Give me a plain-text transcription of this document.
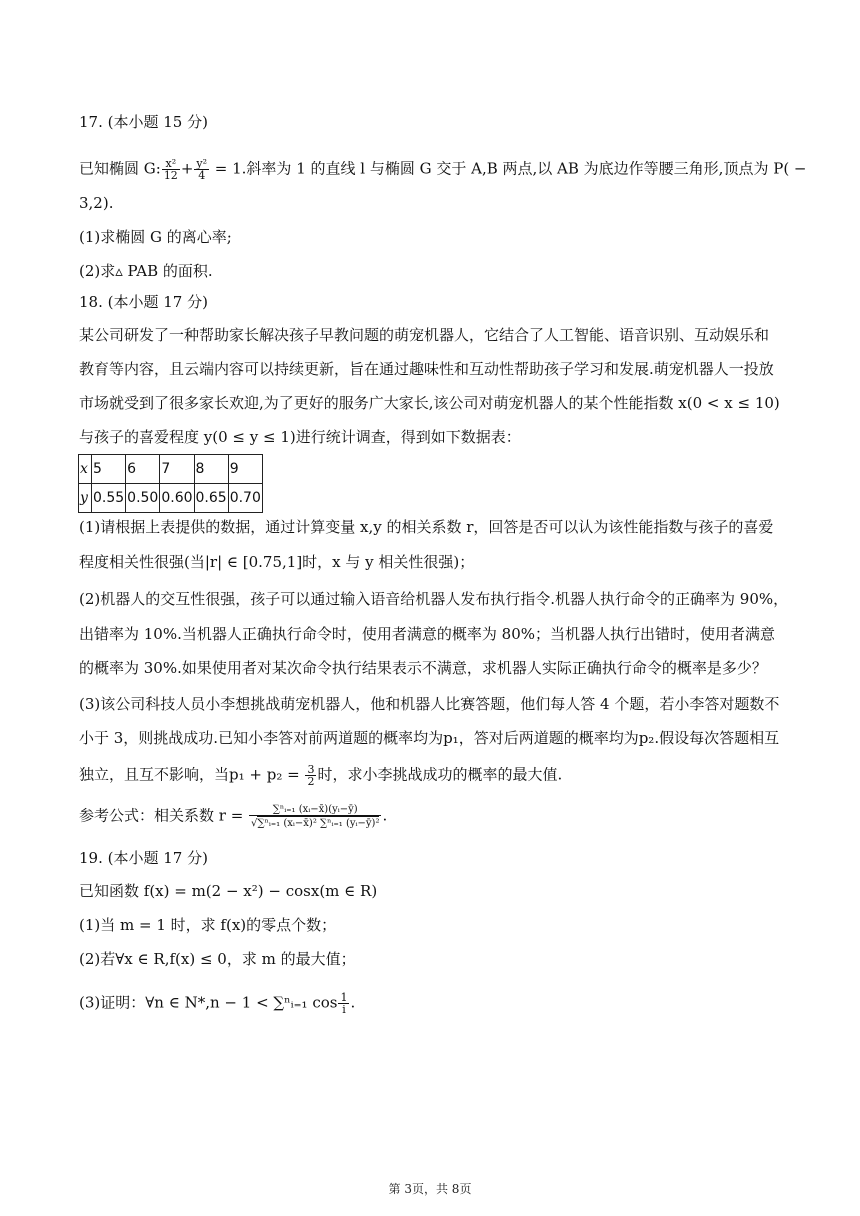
17. (本小题 15 分)
已知椭圆 G: $\frac{\text{x²}}{12} + \frac{\text{y²}}{4} = 1$.斜率为 1 的直线 l 与椭圆 G 交于 A,B 两点,以 AB 为底边作等腰三角形,顶点为 P( −
3,2).
(1)求椭圆 G 的离心率;
(2)求▵ PAB 的面积.
18. (本小题 17 分)
某公司研发了一种帮助家长解决孩子早教问题的萌宠机器人，它结合了人工智能、语音识别、互动娱乐和
教育等内容，且云端内容可以持续更新，旨在通过趣味性和互动性帮助孩子学习和发展.萌宠机器人一投放
市场就受到了很多家长欢迎,为了更好的服务广大家长,该公司对萌宠机器人的某个性能指数 x(0 < x ≤ 10)
与孩子的喜爱程度 y(0 ≤ y ≤ 1)进行统计调查，得到如下数据表：
x	5	6	7	8	9
y	0.55	0.50	0.60	0.65	0.70
(1)请根据上表提供的数据，通过计算变量 x,y 的相关系数 r，回答是否可以认为该性能指数与孩子的喜爱
程度相关性很强(当|r| ∈ [0.75,1]时，x 与 y 相关性很强)；
(2)机器人的交互性很强，孩子可以通过输入语音给机器人发布执行指令.机器人执行命令的正确率为 90%，
出错率为 10%.当机器人正确执行命令时，使用者满意的概率为 80%；当机器人执行出错时，使用者满意
的概率为 30%.如果使用者对某次命令执行结果表示不满意，求机器人实际正确执行命令的概率是多少？
(3)该公司科技人员小李想挑战萌宠机器人，他和机器人比赛答题，他们每人答 4 个题，若小李答对题数不
小于 3，则挑战成功.已知小李答对前两道题的概率均为p₁，答对后两道题的概率均为p₂.假设每次答题相互
独立，且互不影响，当$p_1 + p_2 = \frac{3}{2}$ 时，求小李挑战成功的概率的最大值.
参考公式：相关系数 $r = \frac{\text{∑ⁿᵢ₌₁ (xᵢ−x̄)(yᵢ−ȳ)}}{\text{√∑ⁿᵢ₌₁ (xᵢ−x̄)² ∑ⁿᵢ₌₁ (yᵢ−ȳ)²}}$ .
19. (本小题 17 分)
已知函数 f(x) = m(2 − x²) − cosx(m ∈ R)
(1)当 m = 1 时，求 f(x)的零点个数；
(2)若∀x ∈ R,f(x) ≤ 0，求 m 的最大值；
(3)证明：∀n ∈ N*,n − 1 < ∑ⁿᵢ₌₁ $\cos \frac{1}{i}$ .
第 3页，共 8页
